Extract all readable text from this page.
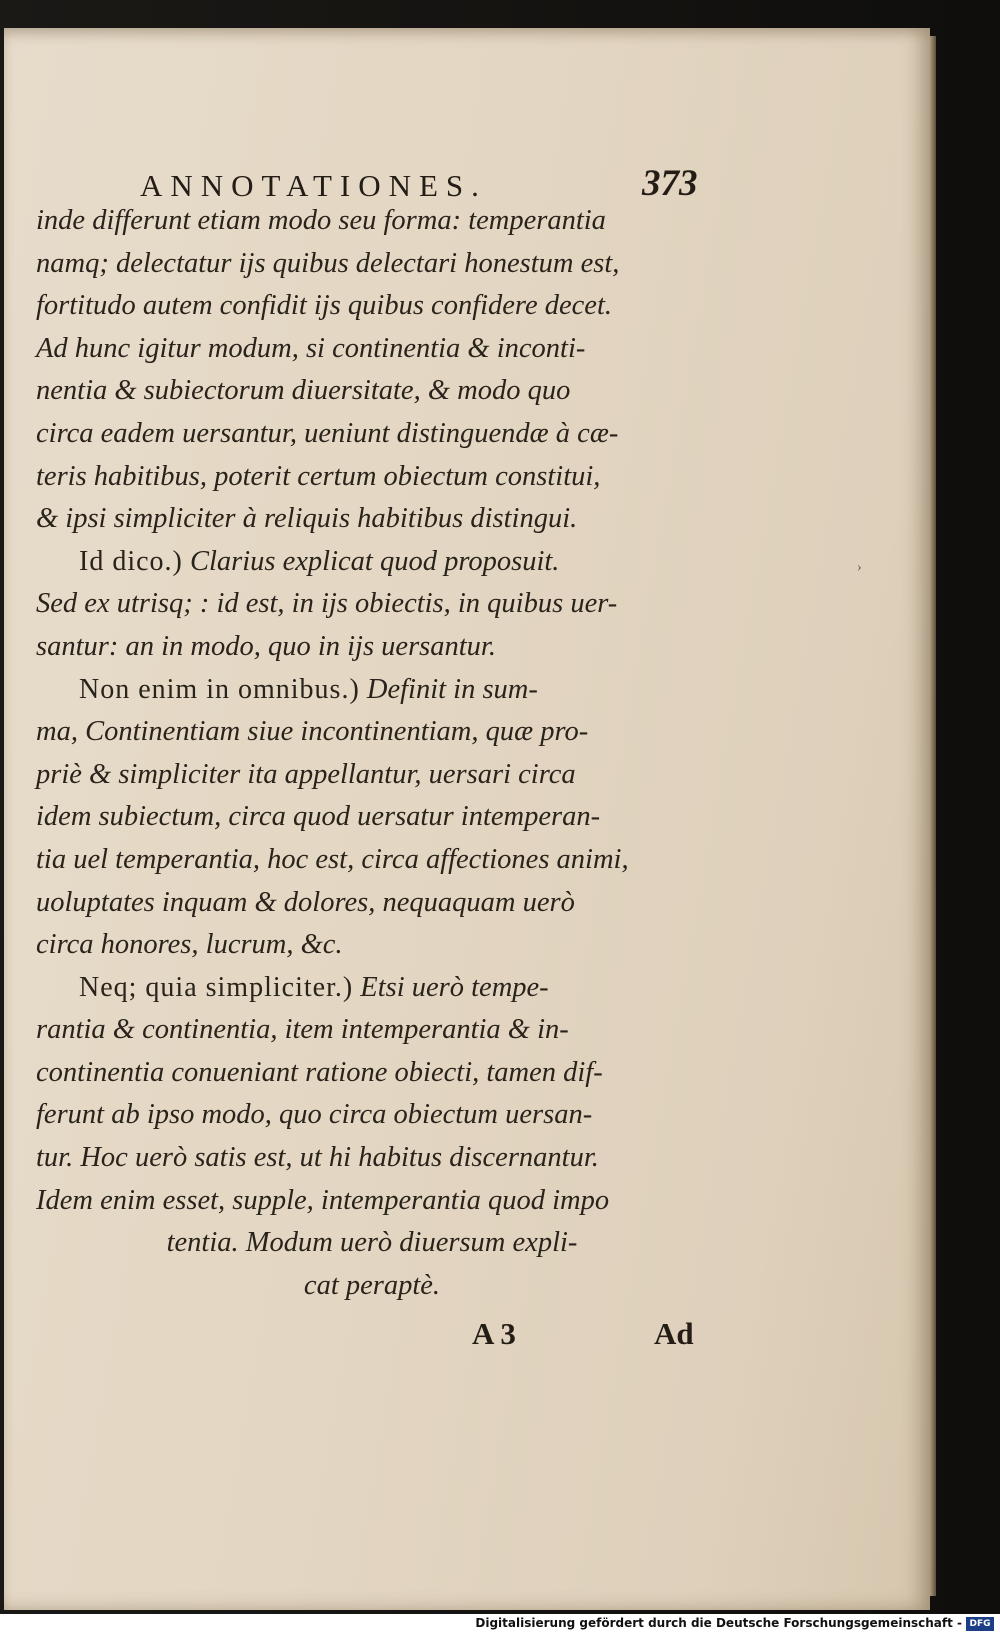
ANNOTATIONES.	373
›
inde differunt etiam modo seu forma: temperantia
namq; delectatur ijs quibus delectari honestum est,
fortitudo autem confidit ijs quibus confidere decet.
Ad hunc igitur modum, si continentia & inconti-
nentia & subiectorum diuersitate, & modo quo
circa eadem uersantur, ueniunt distinguendæ à cæ-
teris habitibus, poterit certum obiectum constitui,
& ipsi simpliciter à reliquis habitibus distingui.
Id dico.) Clarius explicat quod proposuit.
Sed ex utrisq; : id est, in ijs obiectis, in quibus uer-
santur: an in modo, quo in ijs uersantur.
Non enim in omnibus.) Definit in sum-
ma, Continentiam siue incontinentiam, quæ pro-
priè & simpliciter ita appellantur, uersari circa
idem subiectum, circa quod uersatur intemperan-
tia uel temperantia, hoc est, circa affectiones animi,
uoluptates inquam & dolores, nequaquam uerò
circa honores, lucrum, &c.
Neq; quia simpliciter.) Etsi uerò tempe-
rantia & continentia, item intemperantia & in-
continentia conueniant ratione obiecti, tamen dif-
ferunt ab ipso modo, quo circa obiectum uersan-
tur. Hoc uerò satis est, ut hi habitus discernantur.
Idem enim esset, supple, intemperantia quod impo
tentia. Modum uerò diuersum expli-
cat peraptè.
A 3	Ad
Digitalisierung gefördert durch die Deutsche Forschungsgemeinschaft - DFG
